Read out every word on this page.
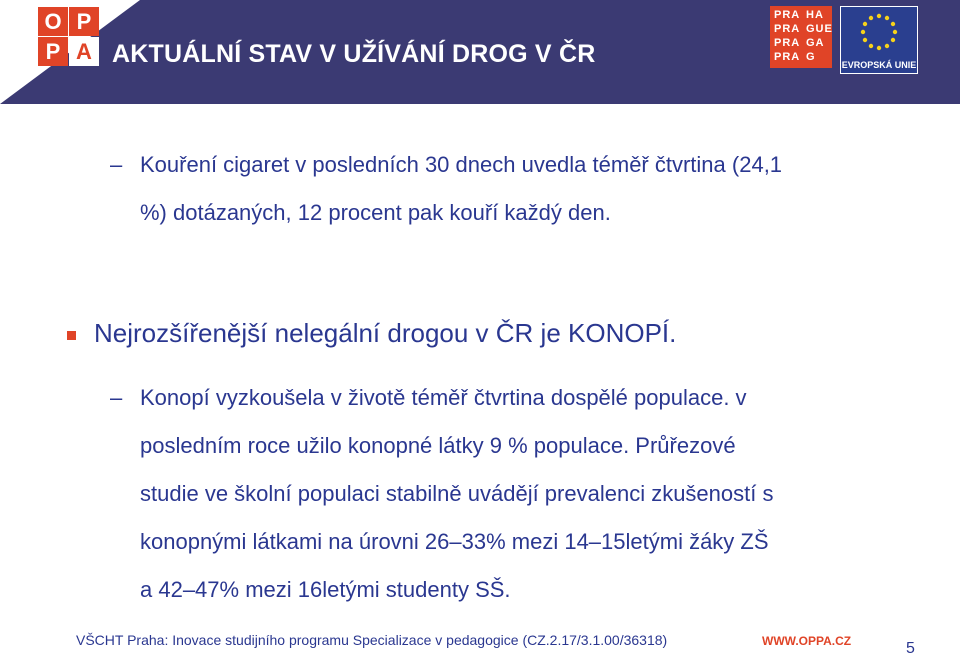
O P
P A AKTUÁLNÍ STAV V UŽÍVÁNÍ DROG V ČR
PRA HA
PRA GUE
PRA GA
PRA G
EVROPSKÁ UNIE
– Kouření cigaret v posledních 30 dnech uvedla téměř čtvrtina (24,1
%) dotázaných, 12 procent pak kouří každý den.
Nejrozšířenější nelegální drogou v ČR je KONOPÍ.
– Konopí vyzkoušela v životě téměř čtvrtina dospělé populace. v
posledním roce užilo konopné látky 9 % populace. Průřezové
studie ve školní populaci stabilně uvádějí prevalenci zkušeností s
konopnými látkami na úrovni 26–33% mezi 14–15letými žáky ZŠ
a 42–47% mezi 16letými studenty SŠ.
VŠCHT Praha: Inovace studijního programu Specializace v pedagogice (CZ.2.17/3.1.00/36318)	WWW.OPPA.CZ	5
